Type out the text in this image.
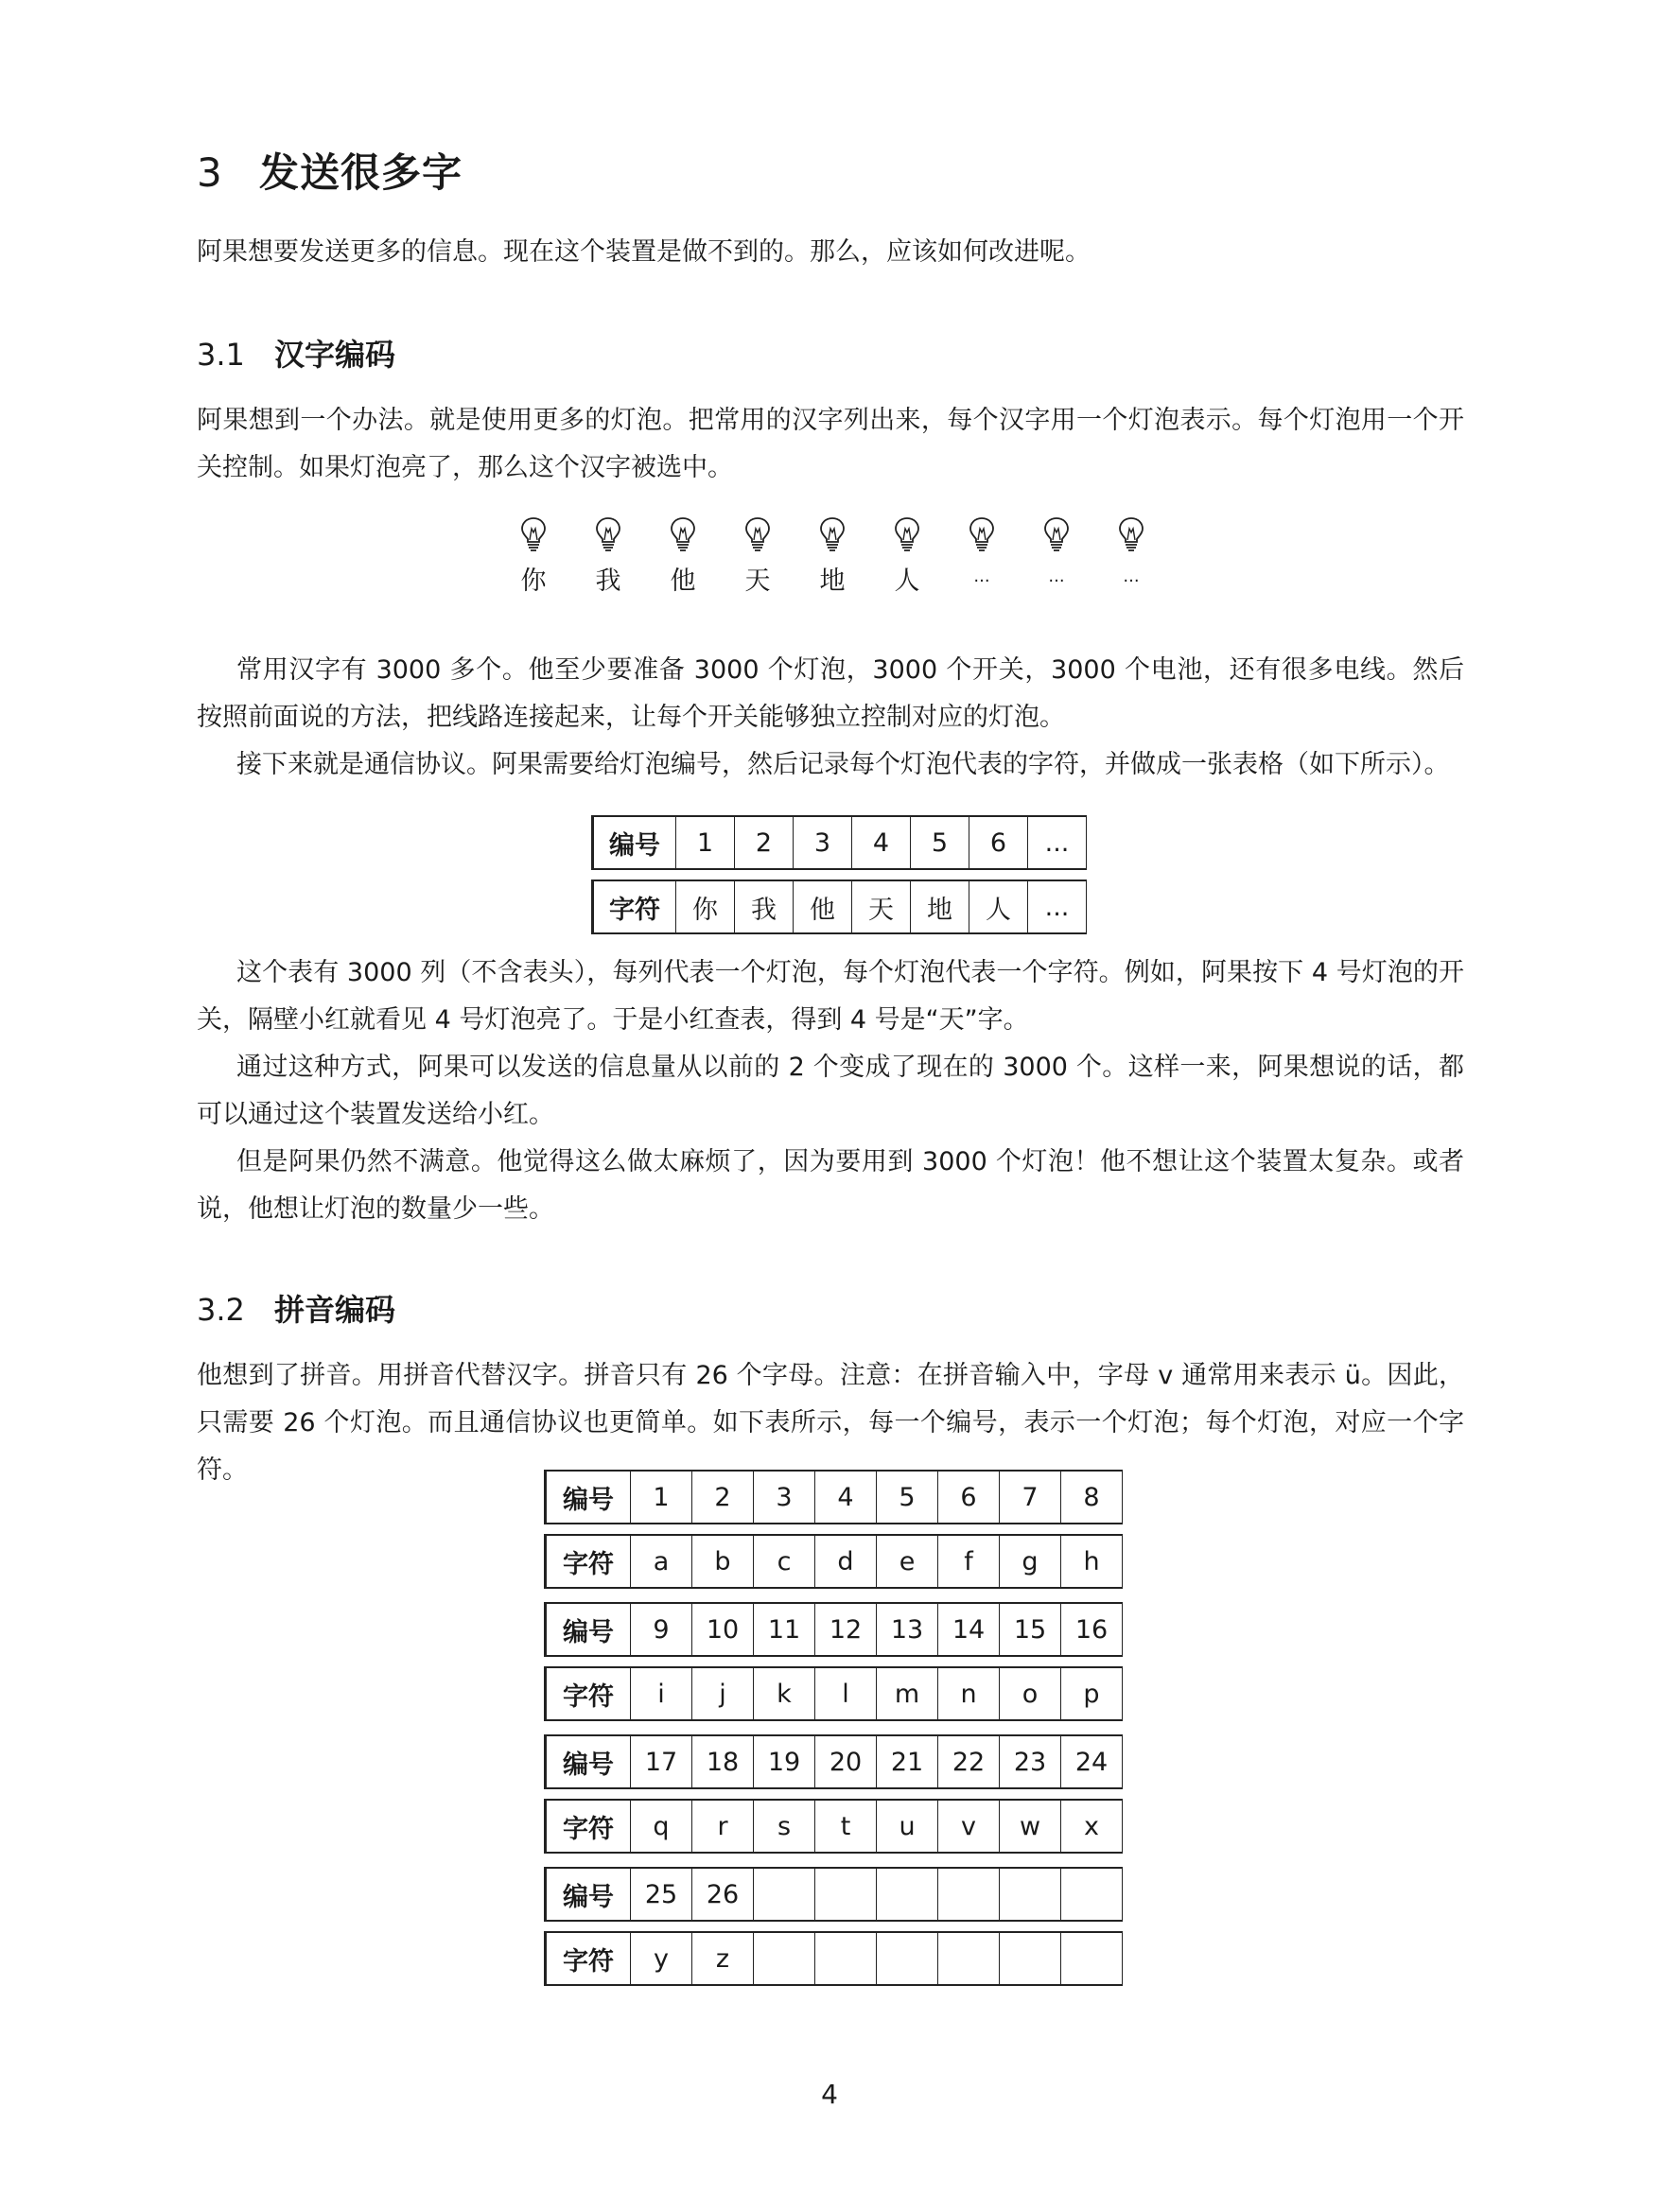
3 发送很多字
阿果想要发送更多的信息。现在这个装置是做不到的。那么，应该如何改进呢。
3.1 汉字编码
阿果想到一个办法。就是使用更多的灯泡。把常用的汉字列出来，每个汉字用一个灯泡表示。每个灯泡用一个开关控制。如果灯泡亮了，那么这个汉字被选中。
你	我	他	天	地	人	···	···	···
常用汉字有 3000 多个。他至少要准备 3000 个灯泡，3000 个开关，3000 个电池，还有很多电线。然后按照前面说的方法，把线路连接起来，让每个开关能够独立控制对应的灯泡。
接下来就是通信协议。阿果需要给灯泡编号，然后记录每个灯泡代表的字符，并做成一张表格（如下所示）。
编号	1	2	3	4	5	6	...

字符	你	我	他	天	地	人	...
这个表有 3000 列（不含表头），每列代表一个灯泡，每个灯泡代表一个字符。例如，阿果按下 4 号灯泡的开关，隔壁小红就看见 4 号灯泡亮了。于是小红查表，得到 4 号是“天”字。
通过这种方式，阿果可以发送的信息量从以前的 2 个变成了现在的 3000 个。这样一来，阿果想说的话，都可以通过这个装置发送给小红。
但是阿果仍然不满意。他觉得这么做太麻烦了，因为要用到 3000 个灯泡！他不想让这个装置太复杂。或者说，他想让灯泡的数量少一些。
3.2 拼音编码
他想到了拼音。用拼音代替汉字。拼音只有 26 个字母。注意：在拼音输入中，字母 v 通常用来表示 ü。因此，只需要 26 个灯泡。而且通信协议也更简单。如下表所示，每一个编号，表示一个灯泡；每个灯泡，对应一个字符。
编号	1	2	3	4	5	6	7	8

字符	a	b	c	d	e	f	g	h

编号	9	10	11	12	13	14	15	16

字符	i	j	k	l	m	n	o	p

编号	17	18	19	20	21	22	23	24

字符	q	r	s	t	u	v	w	x

编号	25	26						

字符	y	z						
4
